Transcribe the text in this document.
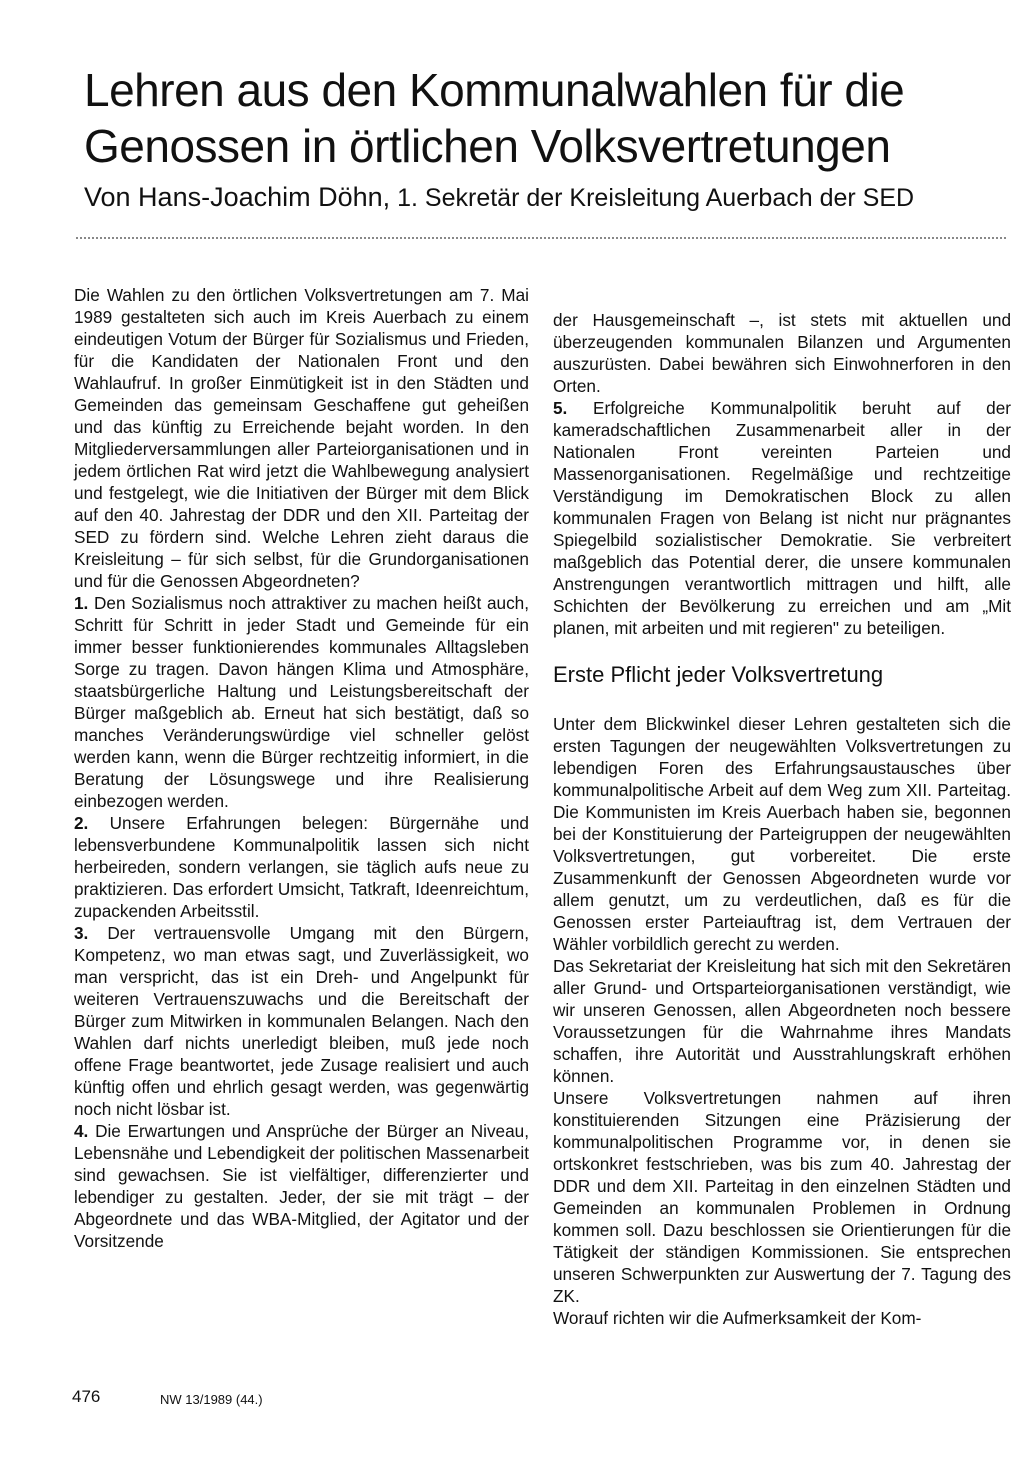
Lehren aus den Kommunalwahlen für die Genossen in örtlichen Volksvertretungen
Von Hans-Joachim Döhn, 1. Sekretär der Kreisleitung Auerbach der SED

Die Wahlen zu den örtlichen Volksvertretungen am 7. Mai 1989 gestalteten sich auch im Kreis Auerbach zu einem eindeutigen Votum der Bürger für Sozialismus und Frieden, für die Kandidaten der Nationalen Front und den Wahlaufruf. In großer Einmütigkeit ist in den Städten und Gemeinden das gemeinsam Geschaffene gut geheißen und das künftig zu Erreichende bejaht worden. In den Mitgliederversammlungen aller Parteiorganisationen und in jedem örtlichen Rat wird jetzt die Wahlbewegung analysiert und festgelegt, wie die Initiativen der Bürger mit dem Blick auf den 40. Jahrestag der DDR und den XII. Parteitag der SED zu fördern sind. Welche Lehren zieht daraus die Kreisleitung – für sich selbst, für die Grundorganisationen und für die Genossen Abgeordneten?

1. Den Sozialismus noch attraktiver zu machen heißt auch, Schritt für Schritt in jeder Stadt und Gemeinde für ein immer besser funktionierendes kommunales Alltagsleben Sorge zu tragen. Davon hängen Klima und Atmosphäre, staatsbürgerliche Haltung und Leistungsbereitschaft der Bürger maßgeblich ab. Erneut hat sich bestätigt, daß so manches Veränderungswürdige viel schneller gelöst werden kann, wenn die Bürger rechtzeitig informiert, in die Beratung der Lösungswege und ihre Realisierung einbezogen werden.

2. Unsere Erfahrungen belegen: Bürgernähe und lebensverbundene Kommunalpolitik lassen sich nicht herbeireden, sondern verlangen, sie täglich aufs neue zu praktizieren. Das erfordert Umsicht, Tatkraft, Ideenreichtum, zupackenden Arbeitsstil.

3. Der vertrauensvolle Umgang mit den Bürgern, Kompetenz, wo man etwas sagt, und Zuverlässigkeit, wo man verspricht, das ist ein Dreh- und Angelpunkt für weiteren Vertrauenszuwachs und die Bereitschaft der Bürger zum Mitwirken in kommunalen Belangen. Nach den Wahlen darf nichts unerledigt bleiben, muß jede noch offene Frage beantwortet, jede Zusage realisiert und auch künftig offen und ehrlich gesagt werden, was gegenwärtig noch nicht lösbar ist.

4. Die Erwartungen und Ansprüche der Bürger an Niveau, Lebensnähe und Lebendigkeit der politischen Massenarbeit sind gewachsen. Sie ist vielfältiger, differenzierter und lebendiger zu gestalten. Jeder, der sie mit trägt – der Abgeordnete und das WBA-Mitglied, der Agitator und der Vorsitzende

der Hausgemeinschaft –, ist stets mit aktuellen und überzeugenden kommunalen Bilanzen und Argumenten auszurüsten. Dabei bewähren sich Einwohnerforen in den Orten.

5. Erfolgreiche Kommunalpolitik beruht auf der kameradschaftlichen Zusammenarbeit aller in der Nationalen Front vereinten Parteien und Massenorganisationen. Regelmäßige und rechtzeitige Verständigung im Demokratischen Block zu allen kommunalen Fragen von Belang ist nicht nur prägnantes Spiegelbild sozialistischer Demokratie. Sie verbreitert maßgeblich das Potential derer, die unsere kommunalen Anstrengungen verantwortlich mittragen und hilft, alle Schichten der Bevölkerung zu erreichen und am „Mit planen, mit arbeiten und mit regieren" zu beteiligen.

Erste Pflicht jeder Volksvertretung

Unter dem Blickwinkel dieser Lehren gestalteten sich die ersten Tagungen der neugewählten Volksvertretungen zu lebendigen Foren des Erfahrungsaustausches über kommunalpolitische Arbeit auf dem Weg zum XII. Parteitag. Die Kommunisten im Kreis Auerbach haben sie, begonnen bei der Konstituierung der Parteigruppen der neugewählten Volksvertretungen, gut vorbereitet. Die erste Zusammenkunft der Genossen Abgeordneten wurde vor allem genutzt, um zu verdeutlichen, daß es für die Genossen erster Parteiauftrag ist, dem Vertrauen der Wähler vorbildlich gerecht zu werden.

Das Sekretariat der Kreisleitung hat sich mit den Sekretären aller Grund- und Ortsparteiorganisationen verständigt, wie wir unseren Genossen, allen Abgeordneten noch bessere Voraussetzungen für die Wahrnahme ihres Mandats schaffen, ihre Autorität und Ausstrahlungskraft erhöhen können.

Unsere Volksvertretungen nahmen auf ihren konstituierenden Sitzungen eine Präzisierung der kommunalpolitischen Programme vor, in denen sie ortskonkret festschrieben, was bis zum 40. Jahrestag der DDR und dem XII. Parteitag in den einzelnen Städten und Gemeinden an kommunalen Problemen in Ordnung kommen soll. Dazu beschlossen sie Orientierungen für die Tätigkeit der ständigen Kommissionen. Sie entsprechen unseren Schwerpunkten zur Auswertung der 7. Tagung des ZK.

Worauf richten wir die Aufmerksamkeit der Kom-

476	NW 13/1989 (44.)
